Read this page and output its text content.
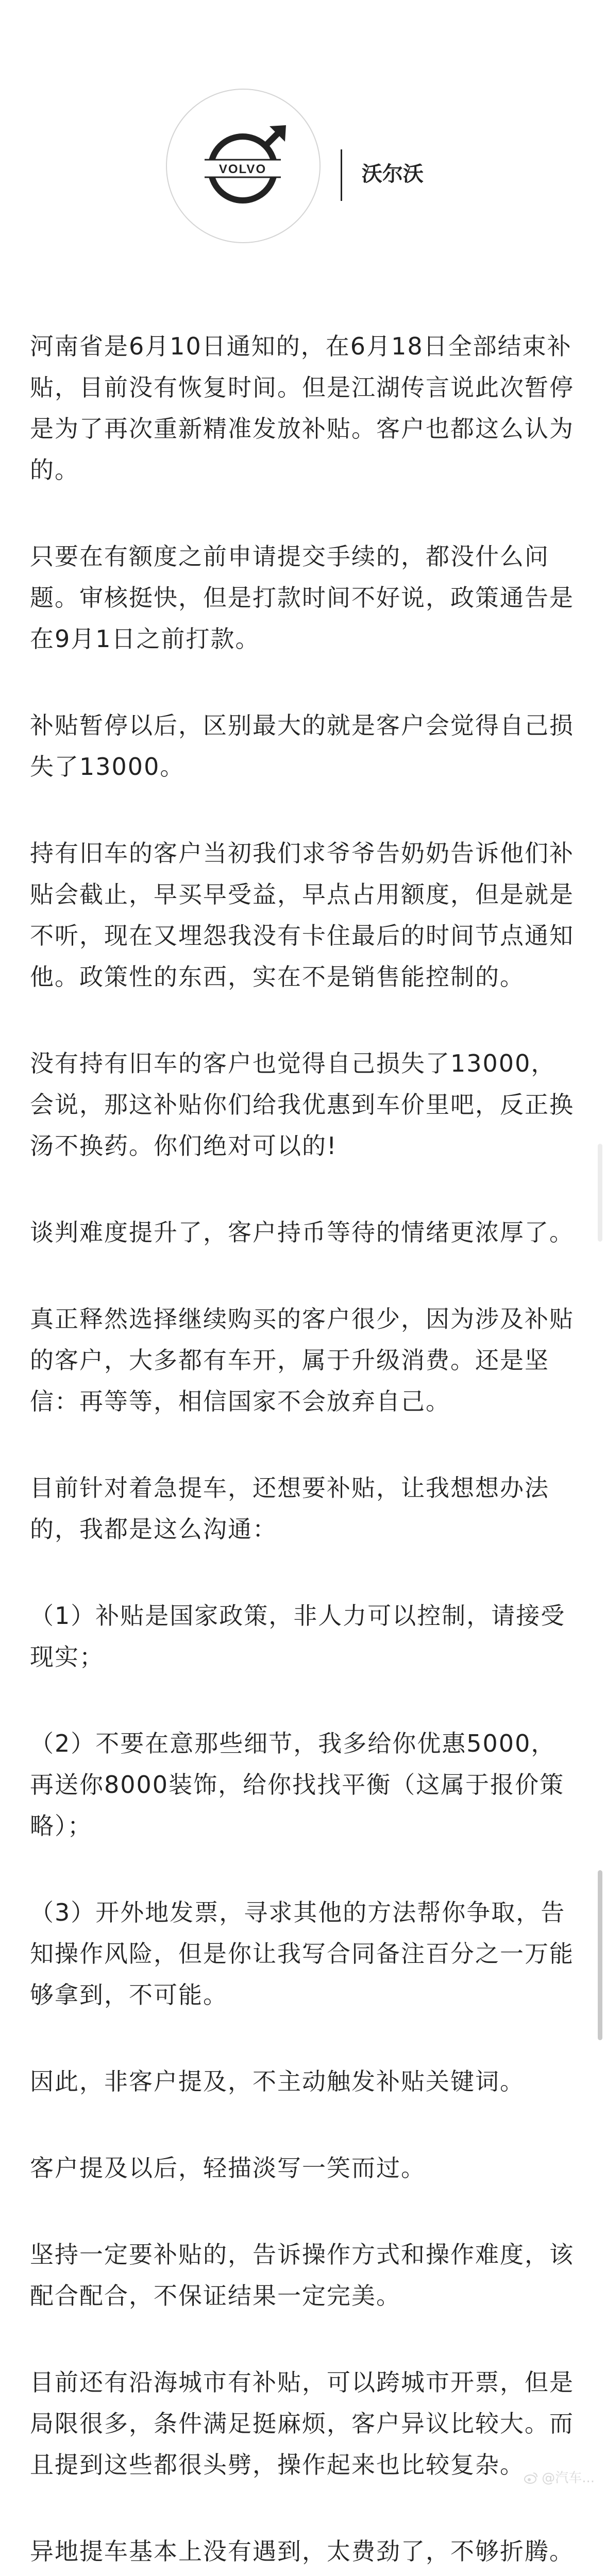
VOLVO	沃尔沃

河南省是6月10日通知的，在6月18日全部结束补贴，目前没有恢复时间。但是江湖传言说此次暂停是为了再次重新精准发放补贴。客户也都这么认为的。

只要在有额度之前申请提交手续的，都没什么问题。审核挺快，但是打款时间不好说，政策通告是在9月1日之前打款。

补贴暂停以后，区别最大的就是客户会觉得自己损失了13000。

持有旧车的客户当初我们求爷爷告奶奶告诉他们补贴会截止，早买早受益，早点占用额度，但是就是不听，现在又埋怨我没有卡住最后的时间节点通知他。政策性的东西，实在不是销售能控制的。

没有持有旧车的客户也觉得自己损失了13000，会说，那这补贴你们给我优惠到车价里吧，反正换汤不换药。你们绝对可以的!

谈判难度提升了，客户持币等待的情绪更浓厚了。

真正释然选择继续购买的客户很少，因为涉及补贴的客户，大多都有车开，属于升级消费。还是坚信：再等等，相信国家不会放弃自己。

目前针对着急提车，还想要补贴，让我想想办法的，我都是这么沟通：

（1）补贴是国家政策，非人力可以控制，请接受现实；

（2）不要在意那些细节，我多给你优惠5000，再送你8000装饰，给你找找平衡（这属于报价策略）；

（3）开外地发票，寻求其他的方法帮你争取，告知操作风险，但是你让我写合同备注百分之一万能够拿到，不可能。

因此，非客户提及，不主动触发补贴关键词。

客户提及以后，轻描淡写一笑而过。

坚持一定要补贴的，告诉操作方式和操作难度，该配合配合，不保证结果一定完美。

目前还有沿海城市有补贴，可以跨城市开票，但是局限很多，条件满足挺麻烦，客户异议比较大。而且提到这些都很头劈，操作起来也比较复杂。

异地提车基本上没有遇到，太费劲了，不够折腾。

@汽车...
